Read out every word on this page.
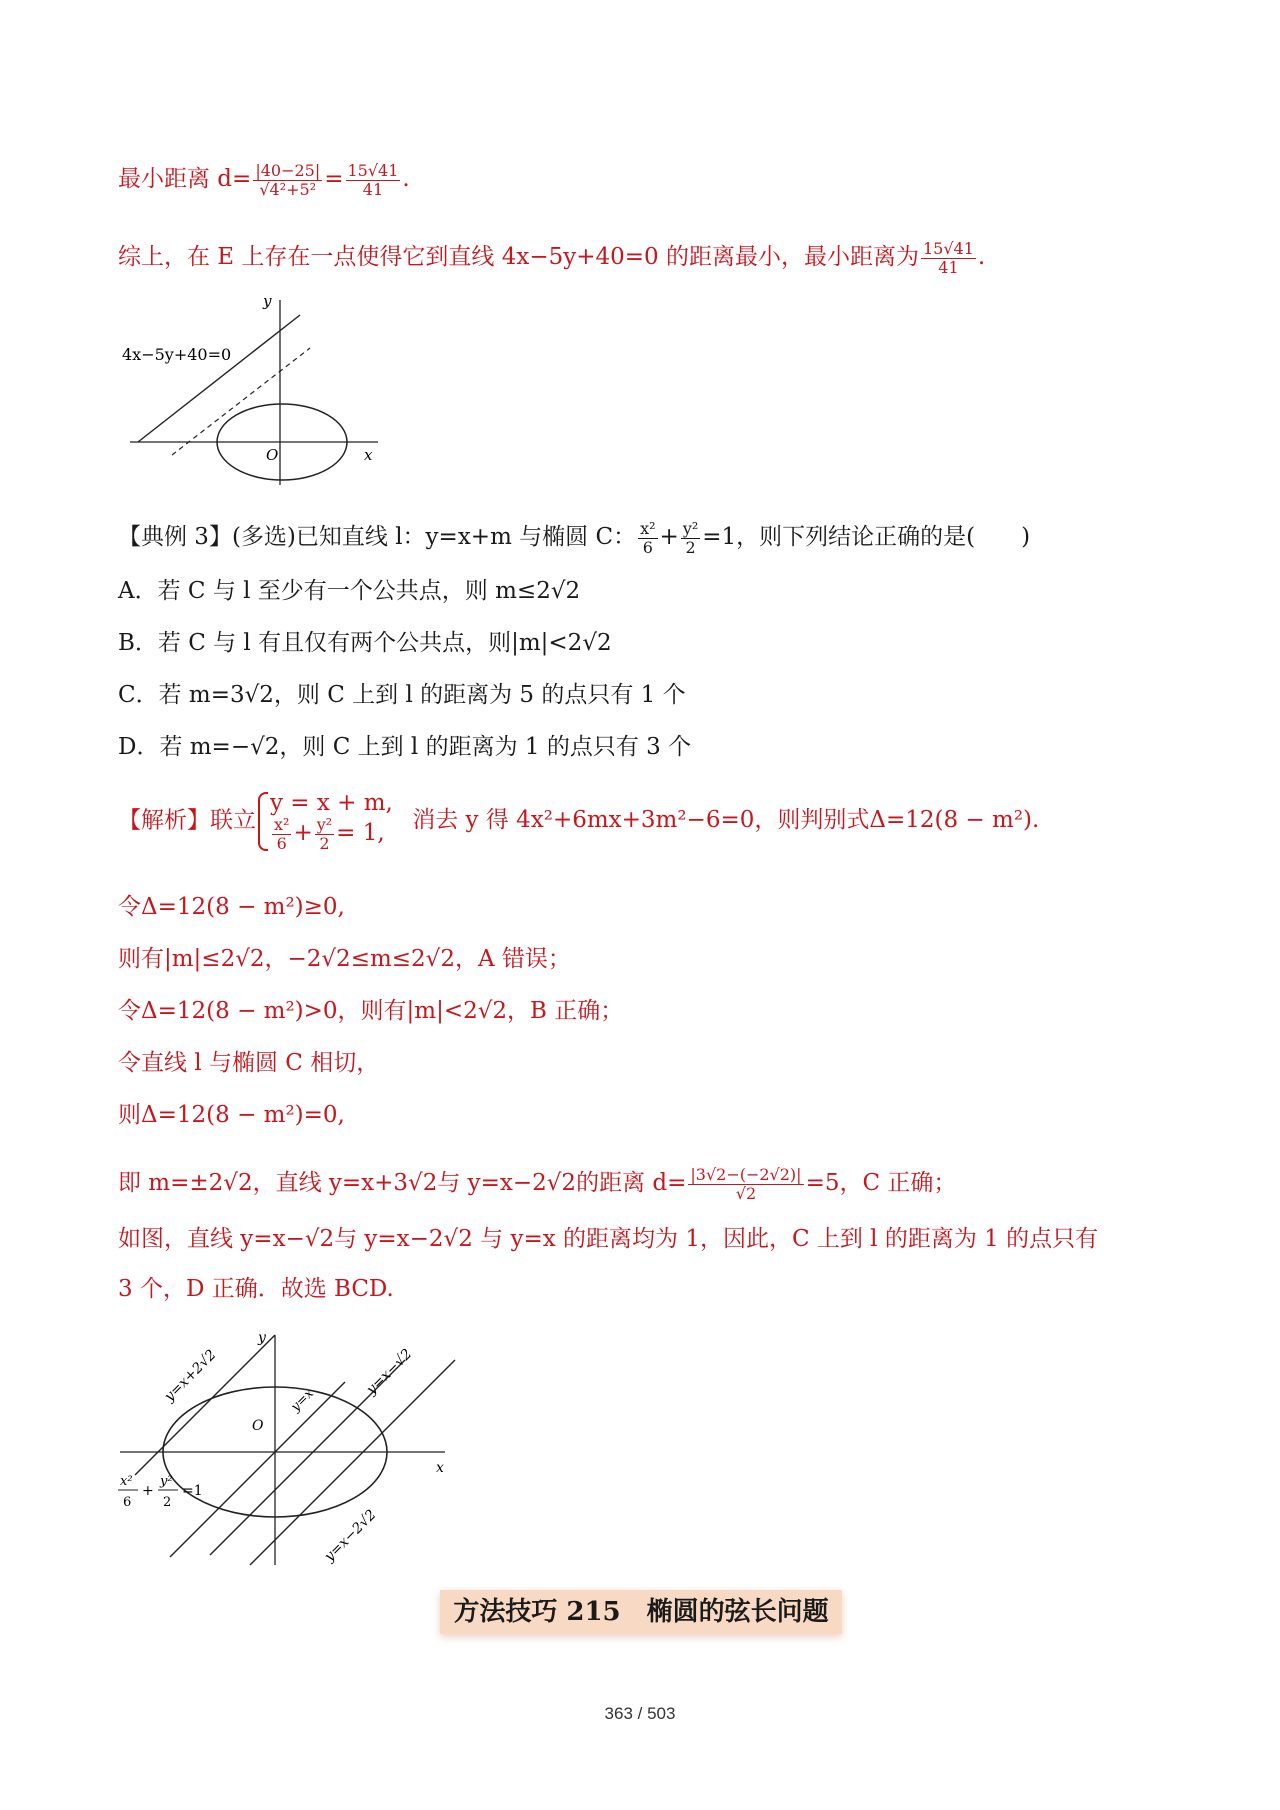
最小距离 $d= \frac{|40-25|}{\text{√4²+5²}} = \frac{15√41}{41}$ .
综上，在 E 上存在一点使得它到直线 4x−5y+40=0 的距离最小，最小距离为 $\frac{15√41}{41}$ .
y
x
O
4x−5y+40=0
【典例 3】(多选)已知直线 l：y=x+m 与椭圆 C： $\frac{\text{x²}}{6} + \frac{\text{y²}}{2} =1$，则下列结论正确的是(　　)
A．若 C 与 l 至少有一个公共点，则 m≤2√2
B．若 C 与 l 有且仅有两个公共点，则|m|<2√2
C．若 m=3√2，则 C 上到 l 的距离为 5 的点只有 1 个
D．若 m=−√2，则 C 上到 l 的距离为 1 的点只有 3 个
【解析】联立
y = x + m,
$\frac{\text{x²}}{6} + \frac{\text{y²}}{2} = 1$,
消去 y 得 4x²+6mx+3m²−6=0，则判别式Δ=12(8 − m²).
令Δ=12(8 − m²)≥0,
则有|m|≤2√2，−2√2≤m≤2√2，A 错误；
令Δ=12(8 − m²)>0，则有|m|<2√2，B 正确；
令直线 l 与椭圆 C 相切，
则Δ=12(8 − m²)=0,
即 m=±2√2，直线 y=x+3√2与 y=x−2√2的距离 $d= \frac{|3√2-(-2√2)|}{√2} =5$，C 正确；
如图，直线 y=x−√2与 y=x−2√2 与 y=x 的距离均为 1，因此，C 上到 l 的距离为 1 的点只有
3 个，D 正确．故选 BCD.
y
x
O
y=x+2√2	y=x
y=x−√2
y=x−2√2
x²
6
+
y²
2
=1
方法技巧 215　椭圆的弦长问题
363 / 503
